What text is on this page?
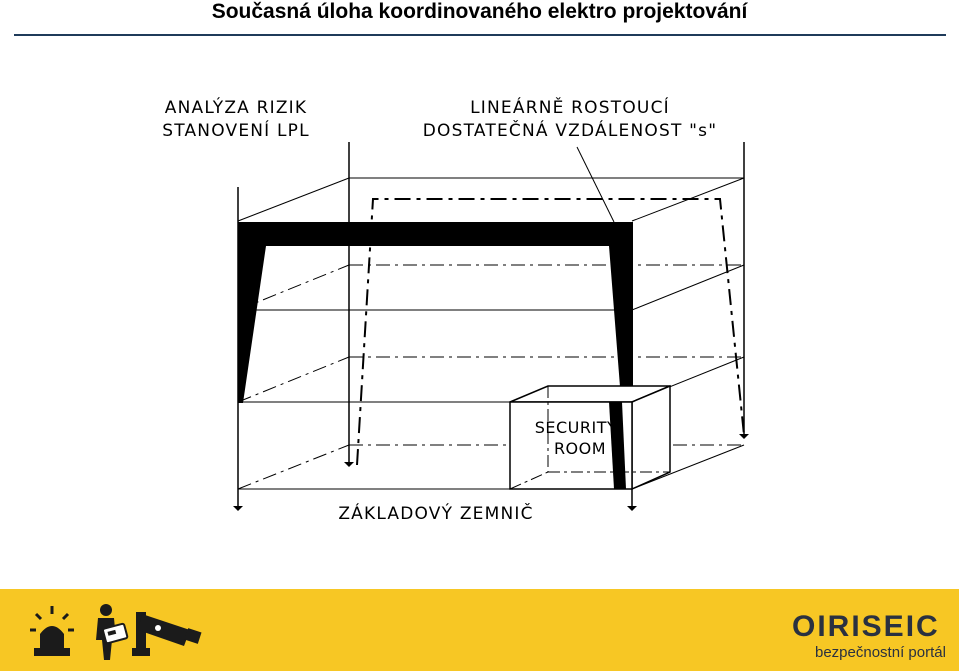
Současná úloha koordinovaného elektro projektování
ANALÝZA RIZIK
STANOVENÍ LPL
LINEÁRNĚ ROSTOUCÍ
DOSTATEČNÁ VZDÁLENOST "s"
ZÁKLADOVÝ ZEMNIČ
SECURITY
ROOM
OIRISEIC
bezpečnostní portál
